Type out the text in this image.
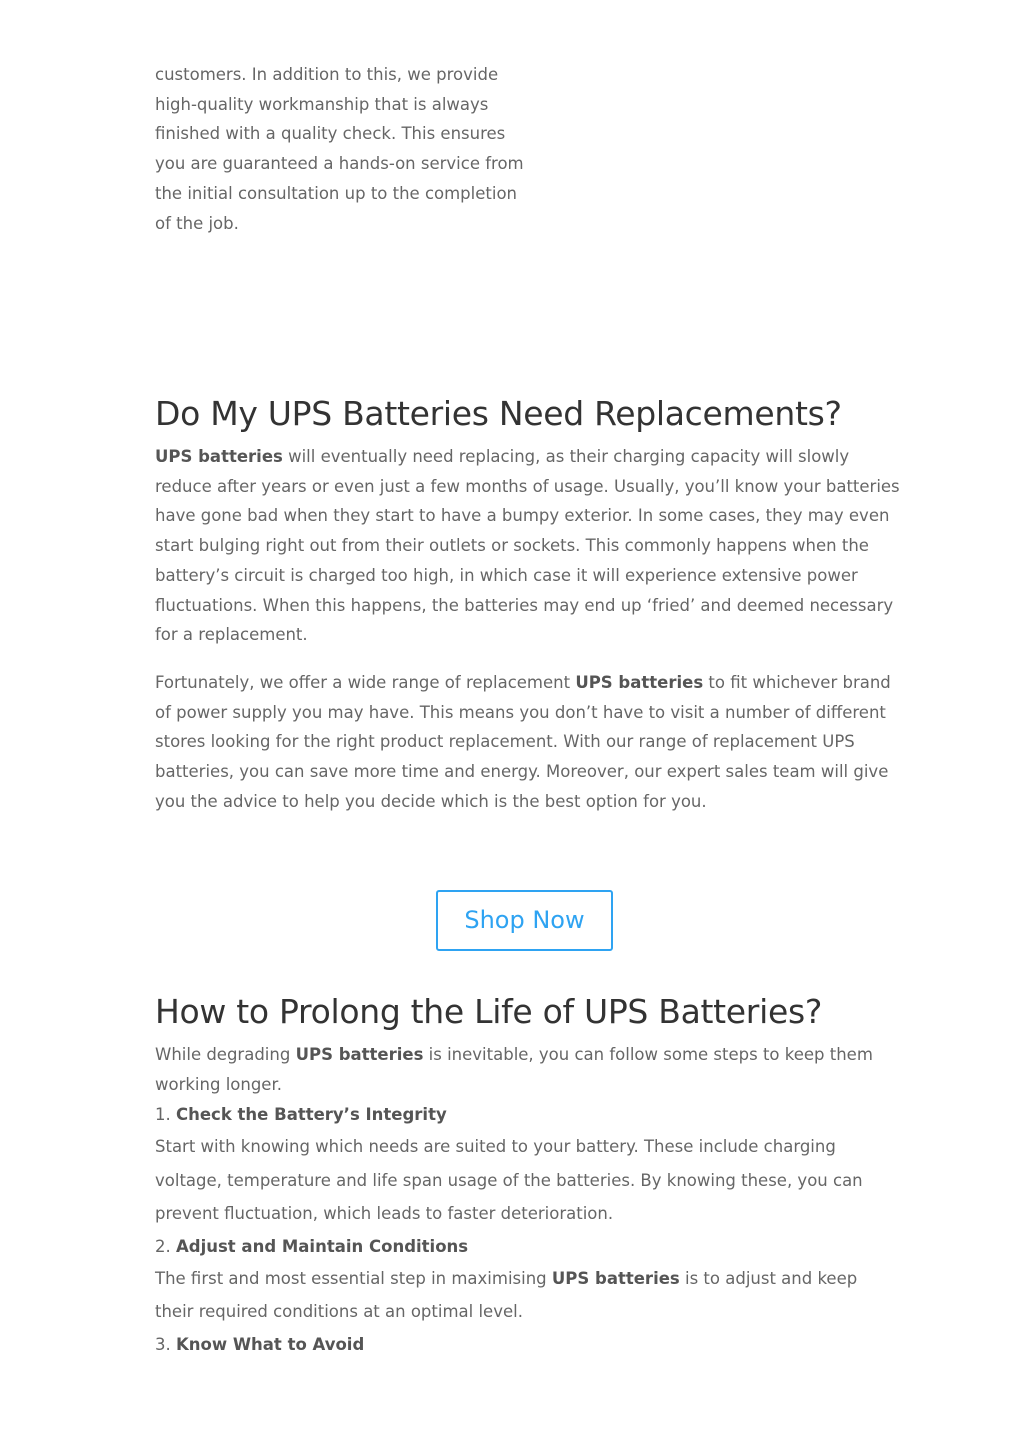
customers. In addition to this, we provide high-quality workmanship that is always finished with a quality check. This ensures you are guaranteed a hands-on service from the initial consultation up to the completion of the job.

Do My UPS Batteries Need Replacements?

UPS batteries will eventually need replacing, as their charging capacity will slowly reduce after years or even just a few months of usage. Usually, you’ll know your batteries have gone bad when they start to have a bumpy exterior. In some cases, they may even start bulging right out from their outlets or sockets. This commonly happens when the battery’s circuit is charged too high, in which case it will experience extensive power fluctuations. When this happens, the batteries may end up ‘fried’ and deemed necessary for a replacement.

Fortunately, we offer a wide range of replacement UPS batteries to fit whichever brand of power supply you may have. This means you don’t have to visit a number of different stores looking for the right product replacement. With our range of replacement UPS batteries, you can save more time and energy. Moreover, our expert sales team will give you the advice to help you decide which is the best option for you.

Shop Now
How to Prolong the Life of UPS Batteries?

While degrading UPS batteries is inevitable, you can follow some steps to keep them working longer.

1. Check the Battery’s Integrity

Start with knowing which needs are suited to your battery. These include charging voltage, temperature and life span usage of the batteries. By knowing these, you can prevent fluctuation, which leads to faster deterioration.

2. Adjust and Maintain Conditions

The first and most essential step in maximising UPS batteries is to adjust and keep their required conditions at an optimal level.

3. Know What to Avoid
